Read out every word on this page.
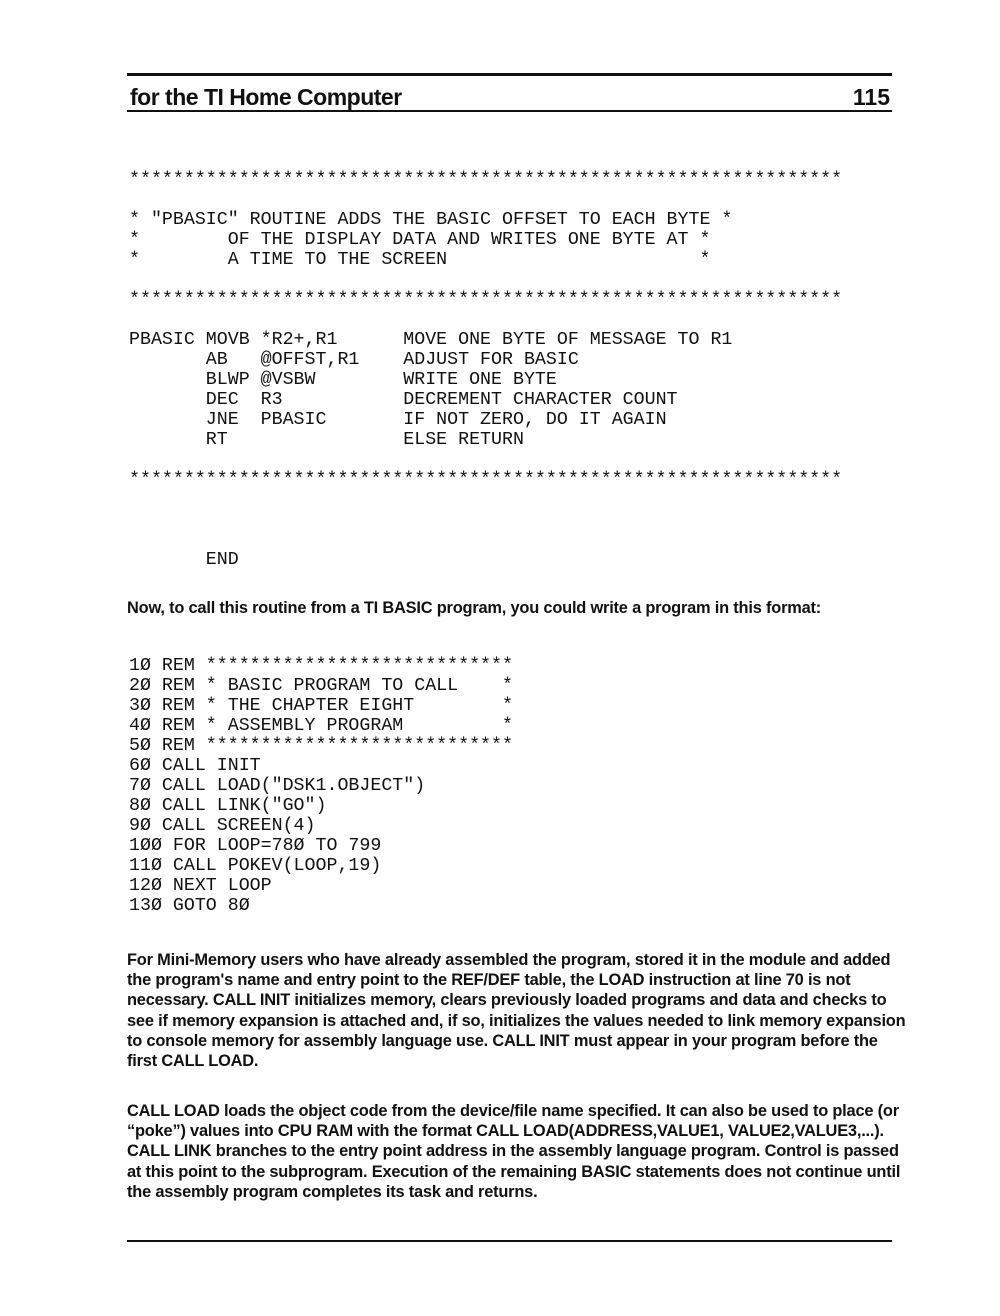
for the TI Home Computer	115
*****************************************************************

* "PBASIC" ROUTINE ADDS THE BASIC OFFSET TO EACH BYTE *
*        OF THE DISPLAY DATA AND WRITES ONE BYTE AT *
*        A TIME TO THE SCREEN                       *

*****************************************************************

PBASIC MOVB *R2+,R1      MOVE ONE BYTE OF MESSAGE TO R1
AB   @OFFST,R1    ADJUST FOR BASIC
BLWP @VSBW        WRITE ONE BYTE
DEC  R3           DECREMENT CHARACTER COUNT
JNE  PBASIC       IF NOT ZERO, DO IT AGAIN
RT                ELSE RETURN

*****************************************************************

END

Now, to call this routine from a TI BASIC program, you could write a program in this format:

1Ø REM ****************************
2Ø REM * BASIC PROGRAM TO CALL    *
3Ø REM * THE CHAPTER EIGHT        *
4Ø REM * ASSEMBLY PROGRAM         *
5Ø REM ****************************
6Ø CALL INIT
7Ø CALL LOAD("DSK1.OBJECT")
8Ø CALL LINK("GO")
9Ø CALL SCREEN(4)
1ØØ FOR LOOP=78Ø TO 799
11Ø CALL POKEV(LOOP,19)
12Ø NEXT LOOP
13Ø GOTO 8Ø

For Mini-Memory users who have already assembled the program, stored it in the module and added the program's name and entry point to the REF/DEF table, the LOAD instruction at line 70 is not necessary. CALL INIT initializes memory, clears previously loaded programs and data and checks to see if memory expansion is attached and, if so, initializes the values needed to link memory expansion to console memory for assembly language use. CALL INIT must appear in your program before the first CALL LOAD.

CALL LOAD loads the object code from the device/file name specified. It can also be used to place (or “poke”) values into CPU RAM with the format CALL LOAD(ADDRESS,VALUE1, VALUE2,VALUE3,...). CALL LINK branches to the entry point address in the assembly language program. Control is passed at this point to the subprogram. Execution of the remaining BASIC statements does not continue until the assembly program completes its task and returns.
